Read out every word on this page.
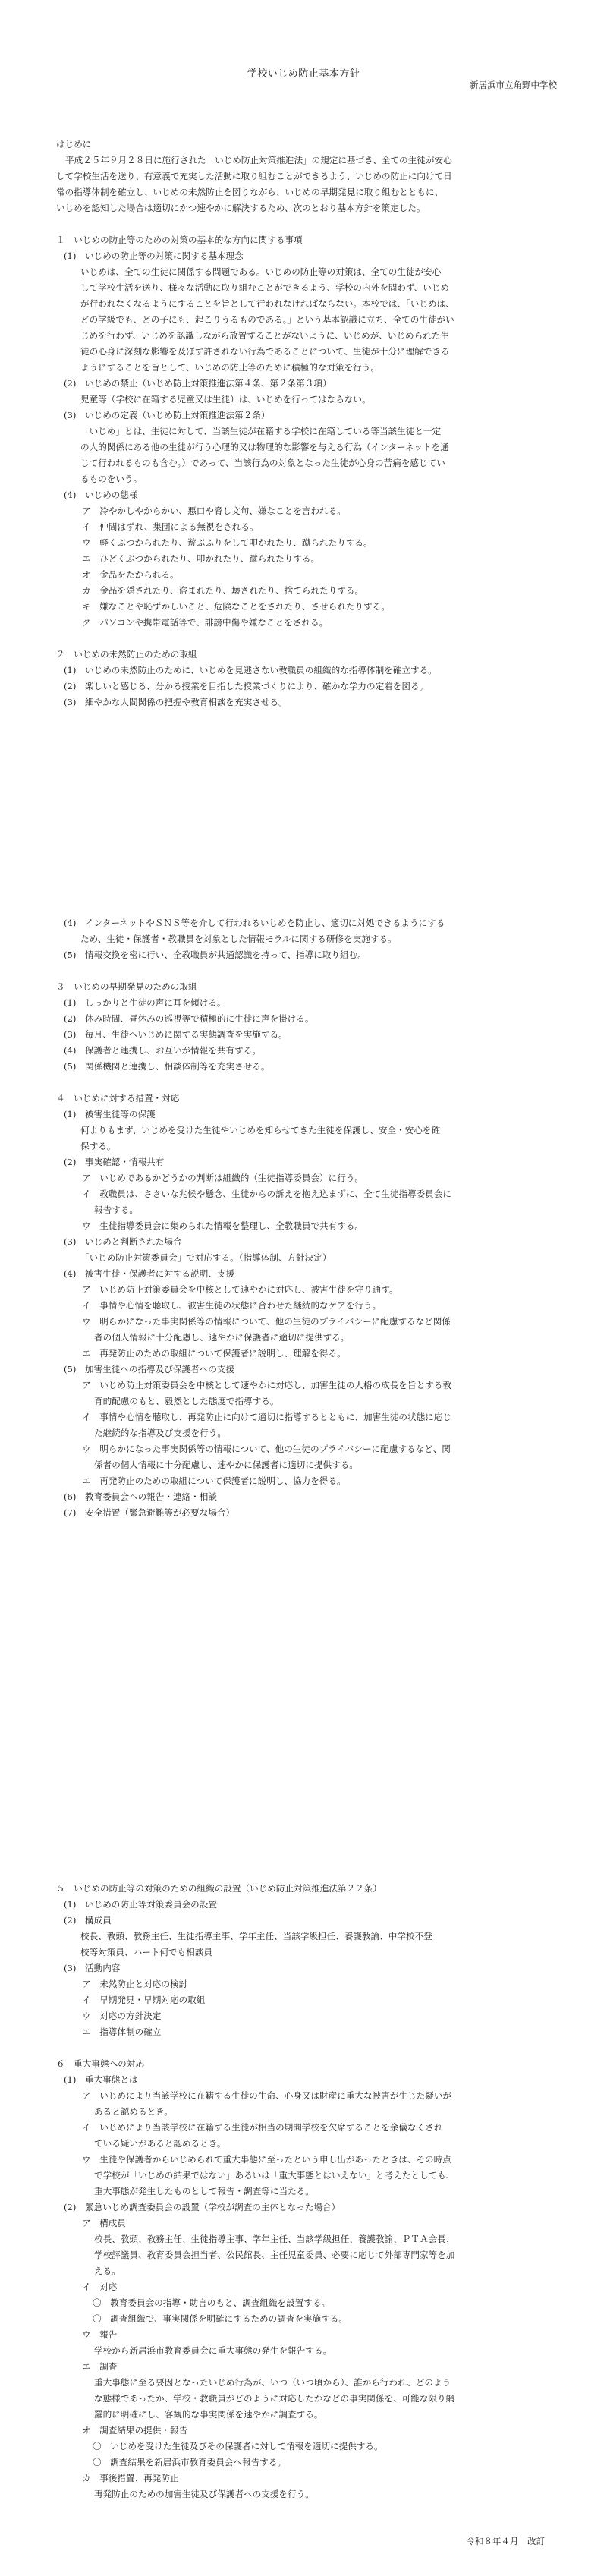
学校いじめ防止基本方針
新居浜市立角野中学校
はじめに
平成２５年９月２８日に施行された「いじめ防止対策推進法」の規定に基づき、全ての生徒が安心
して学校生活を送り、有意義で充実した活動に取り組むことができるよう、いじめの防止に向けて日
常の指導体制を確立し、いじめの未然防止を図りながら、いじめの早期発見に取り組むとともに、
いじめを認知した場合は適切にかつ速やかに解決するため、次のとおり基本方針を策定した。
１　いじめの防止等のための対策の基本的な方向に関する事項
(1)　いじめの防止等の対策に関する基本理念
いじめは、全ての生徒に関係する問題である。いじめの防止等の対策は、全ての生徒が安心
して学校生活を送り、様々な活動に取り組むことができるよう、学校の内外を問わず、いじめ
が行われなくなるようにすることを旨として行われなければならない。本校では、「いじめは、
どの学級でも、どの子にも、起こりうるものである。」という基本認識に立ち、全ての生徒がい
じめを行わず、いじめを認識しながら放置することがないように、いじめが、いじめられた生
徒の心身に深刻な影響を及ぼす許されない行為であることについて、生徒が十分に理解できる
ようにすることを旨として、いじめの防止等のために積極的な対策を行う。
(2)　いじめの禁止（いじめ防止対策推進法第４条、第２条第３項）
児童等（学校に在籍する児童又は生徒）は、いじめを行ってはならない。
(3)　いじめの定義（いじめ防止対策推進法第２条）
「いじめ」とは、生徒に対して、当該生徒が在籍する学校に在籍している等当該生徒と一定
の人的関係にある他の生徒が行う心理的又は物理的な影響を与える行為（インターネットを通
じて行われるものも含む。）であって、当該行為の対象となった生徒が心身の苦痛を感じてい
るものをいう。
(4)　いじめの態様
ア　冷やかしやからかい、悪口や脅し文句、嫌なことを言われる。
イ　仲間はずれ、集団による無視をされる。
ウ　軽くぶつかられたり、遊ぶふりをして叩かれたり、蹴られたりする。
エ　ひどくぶつかられたり、叩かれたり、蹴られたりする。
オ　金品をたかられる。
カ　金品を隠されたり、盗まれたり、壊されたり、捨てられたりする。
キ　嫌なことや恥ずかしいこと、危険なことをされたり、させられたりする。
ク　パソコンや携帯電話等で、誹謗中傷や嫌なことをされる。
２　いじめの未然防止のための取組
(1)　いじめの未然防止のために、いじめを見逃さない教職員の組織的な指導体制を確立する。
(2)　楽しいと感じる、分かる授業を目指した授業づくりにより、確かな学力の定着を図る。
(3)　細やかな人間関係の把握や教育相談を充実させる。
(4)　インターネットやＳＮＳ等を介して行われるいじめを防止し、適切に対処できるようにする
ため、生徒・保護者・教職員を対象とした情報モラルに関する研修を実施する。
(5)　情報交換を密に行い、全教職員が共通認識を持って、指導に取り組む。
３　いじめの早期発見のための取組
(1)　しっかりと生徒の声に耳を傾ける。
(2)　休み時間、昼休みの巡視等で積極的に生徒に声を掛ける。
(3)　毎月、生徒へいじめに関する実態調査を実施する。
(4)　保護者と連携し、お互いが情報を共有する。
(5)　関係機関と連携し、相談体制等を充実させる。
４　いじめに対する措置・対応
(1)　被害生徒等の保護
何よりもまず、いじめを受けた生徒やいじめを知らせてきた生徒を保護し、安全・安心を確
保する。
(2)　事実確認・情報共有
ア　いじめであるかどうかの判断は組織的（生徒指導委員会）に行う。
イ　教職員は、ささいな兆候や懸念、生徒からの訴えを抱え込まずに、全て生徒指導委員会に
報告する。
ウ　生徒指導委員会に集められた情報を整理し、全教職員で共有する。
(3)　いじめと判断された場合
「いじめ防止対策委員会」で対応する。（指導体制、方針決定）
(4)　被害生徒・保護者に対する説明、支援
ア　いじめ防止対策委員会を中核として速やかに対応し、被害生徒を守り通す。
イ　事情や心情を聴取し、被害生徒の状態に合わせた継続的なケアを行う。
ウ　明らかになった事実関係等の情報について、他の生徒のプライバシーに配慮するなど関係
者の個人情報に十分配慮し、速やかに保護者に適切に提供する。
エ　再発防止のための取組について保護者に説明し、理解を得る。
(5)　加害生徒への指導及び保護者への支援
ア　いじめ防止対策委員会を中核として速やかに対応し、加害生徒の人格の成長を旨とする教
育的配慮のもと、毅然とした態度で指導する。
イ　事情や心情を聴取し、再発防止に向けて適切に指導するとともに、加害生徒の状態に応じ
た継続的な指導及び支援を行う。
ウ　明らかになった事実関係等の情報について、他の生徒のプライバシーに配慮するなど、関
係者の個人情報に十分配慮し、速やかに保護者に適切に提供する。
エ　再発防止のための取組について保護者に説明し、協力を得る。
(6)　教育委員会への報告・連絡・相談
(7)　安全措置（緊急避難等が必要な場合）
５　いじめの防止等の対策のための組織の設置（いじめ防止対策推進法第２２条）
(1)　いじめの防止等対策委員会の設置
(2)　構成員
校長、教頭、教務主任、生徒指導主事、学年主任、当該学級担任、養護教諭、中学校不登
校等対策員、ハート何でも相談員
(3)　活動内容
ア　未然防止と対応の検討
イ　早期発見・早期対応の取組
ウ　対応の方針決定
エ　指導体制の確立
６　重大事態への対応
(1)　重大事態とは
ア　いじめにより当該学校に在籍する生徒の生命、心身又は財産に重大な被害が生じた疑いが
あると認めるとき。
イ　いじめにより当該学校に在籍する生徒が相当の期間学校を欠席することを余儀なくされ
ている疑いがあると認めるとき。
ウ　生徒や保護者からいじめられて重大事態に至ったという申し出があったときは、その時点
で学校が「いじめの結果ではない」あるいは「重大事態とはいえない」と考えたとしても、
重大事態が発生したものとして報告・調査等に当たる。
(2)　緊急いじめ調査委員会の設置（学校が調査の主体となった場合）
ア　構成員
校長、教頭、教務主任、生徒指導主事、学年主任、当該学級担任、養護教諭、ＰＴＡ会長、
学校評議員、教育委員会担当者、公民館長、主任児童委員、必要に応じて外部専門家等を加
える。
イ　対応
〇　教育委員会の指導・助言のもと、調査組織を設置する。
〇　調査組織で、事実関係を明確にするための調査を実施する。
ウ　報告
学校から新居浜市教育委員会に重大事態の発生を報告する。
エ　調査
重大事態に至る要因となったいじめ行為が、いつ（いつ頃から）、誰から行われ、どのよう
な態様であったか、学校・教職員がどのように対応したかなどの事実関係を、可能な限り網
羅的に明確にし、客観的な事実関係を速やかに調査する。
オ　調査結果の提供・報告
〇　いじめを受けた生徒及びその保護者に対して情報を適切に提供する。
〇　調査結果を新居浜市教育委員会へ報告する。
カ　事後措置、再発防止
再発防止のための加害生徒及び保護者への支援を行う。
令和８年４月　改訂
